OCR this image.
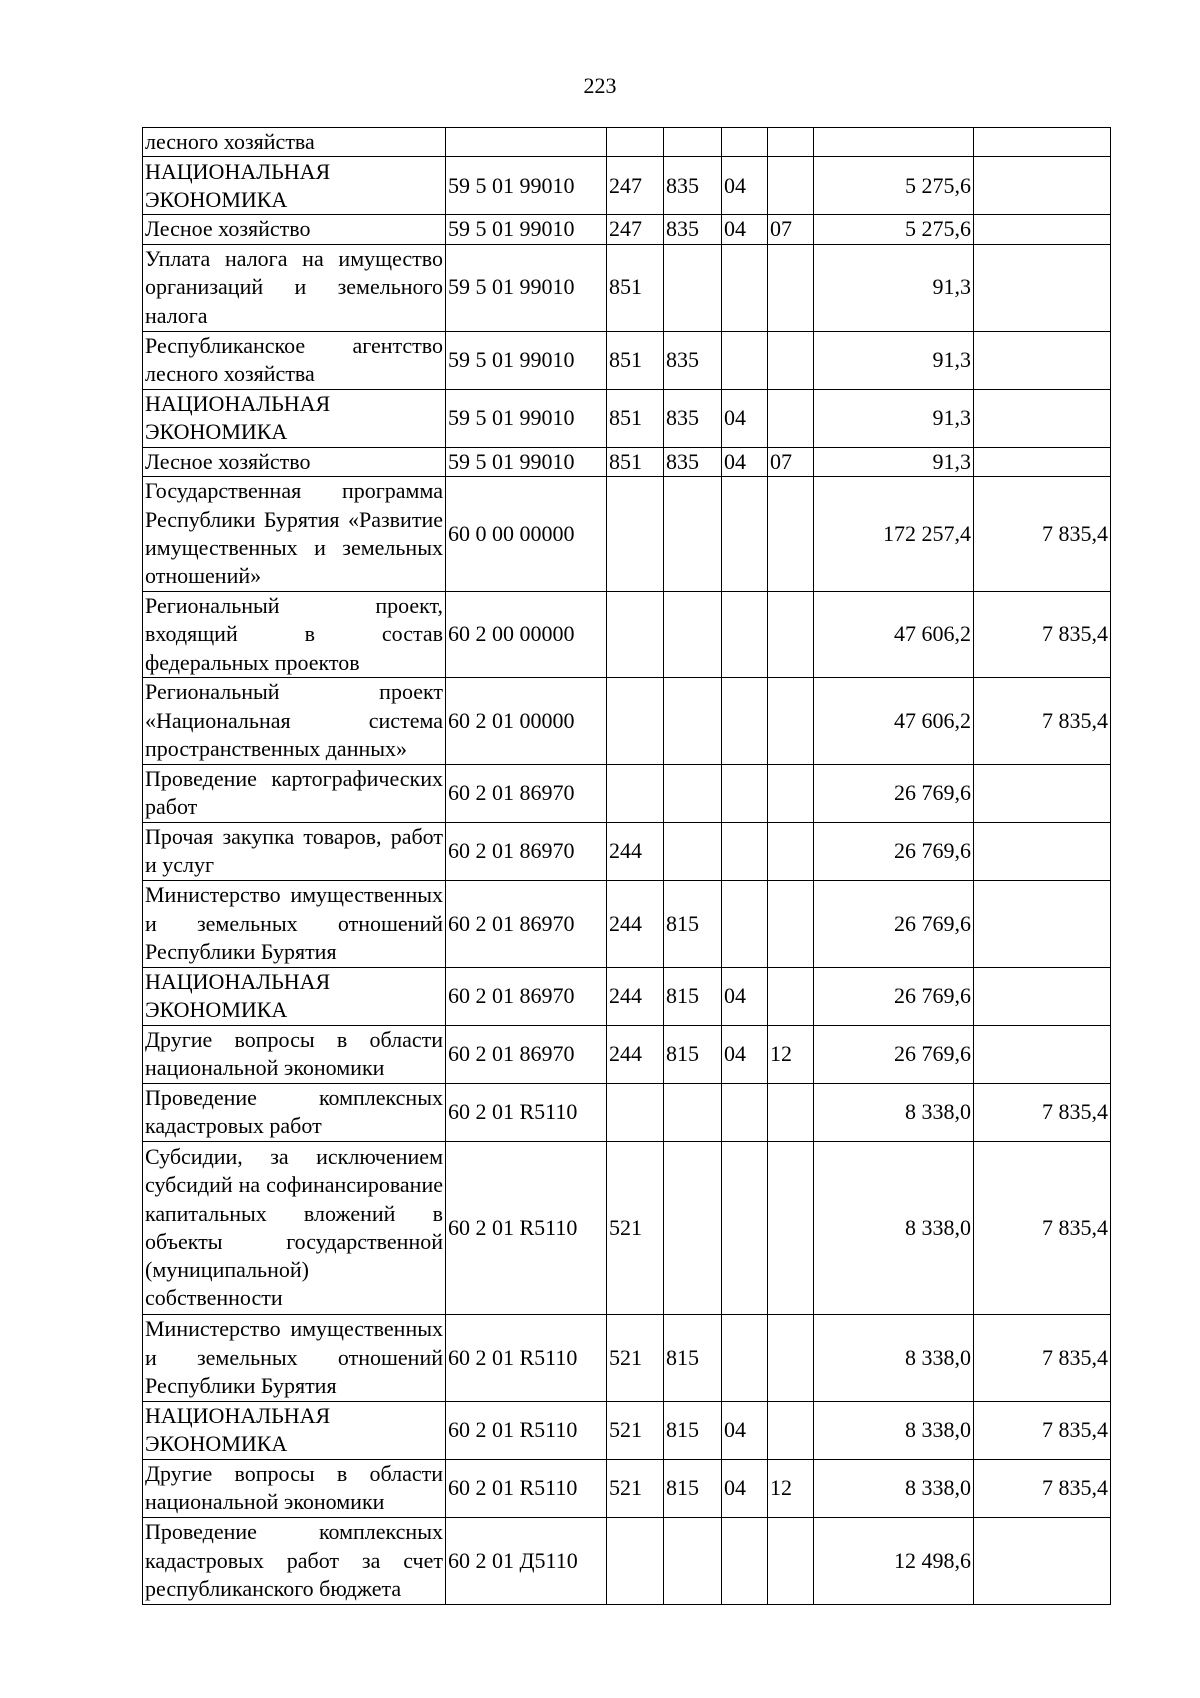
223
лесного хозяйства							
НАЦИОНАЛЬНАЯ ЭКОНОМИКА	59 5 01 99010	247	835	04		5 275,6	
Лесное хозяйство	59 5 01 99010	247	835	04	07	5 275,6	
Уплата налога на имущество организаций и земельного налога	59 5 01 99010	851				91,3	
Республиканское агентство лесного хозяйства	59 5 01 99010	851	835			91,3	
НАЦИОНАЛЬНАЯ ЭКОНОМИКА	59 5 01 99010	851	835	04		91,3	
Лесное хозяйство	59 5 01 99010	851	835	04	07	91,3	
Государственная программа Республики Бурятия «Развитие имущественных и земельных отношений»	60 0 00 00000					172 257,4	7 835,4
Региональный проект, входящий в состав федеральных проектов	60 2 00 00000					47 606,2	7 835,4
Региональный проект «Национальная система пространственных данных»	60 2 01 00000					47 606,2	7 835,4
Проведение картографических работ	60 2 01 86970					26 769,6	
Прочая закупка товаров, работ и услуг	60 2 01 86970	244				26 769,6	
Министерство имущественных и земельных отношений Республики Бурятия	60 2 01 86970	244	815			26 769,6	
НАЦИОНАЛЬНАЯ ЭКОНОМИКА	60 2 01 86970	244	815	04		26 769,6	
Другие вопросы в области национальной экономики	60 2 01 86970	244	815	04	12	26 769,6	
Проведение комплексных кадастровых работ	60 2 01 R5110					8 338,0	7 835,4
Субсидии, за исключением субсидий на софинансирование капитальных вложений в объекты государственной (муниципальной) собственности	60 2 01 R5110	521				8 338,0	7 835,4
Министерство имущественных и земельных отношений Республики Бурятия	60 2 01 R5110	521	815			8 338,0	7 835,4
НАЦИОНАЛЬНАЯ ЭКОНОМИКА	60 2 01 R5110	521	815	04		8 338,0	7 835,4
Другие вопросы в области национальной экономики	60 2 01 R5110	521	815	04	12	8 338,0	7 835,4
Проведение комплексных кадастровых работ за счет республиканского бюджета	60 2 01 Д5110					12 498,6	
